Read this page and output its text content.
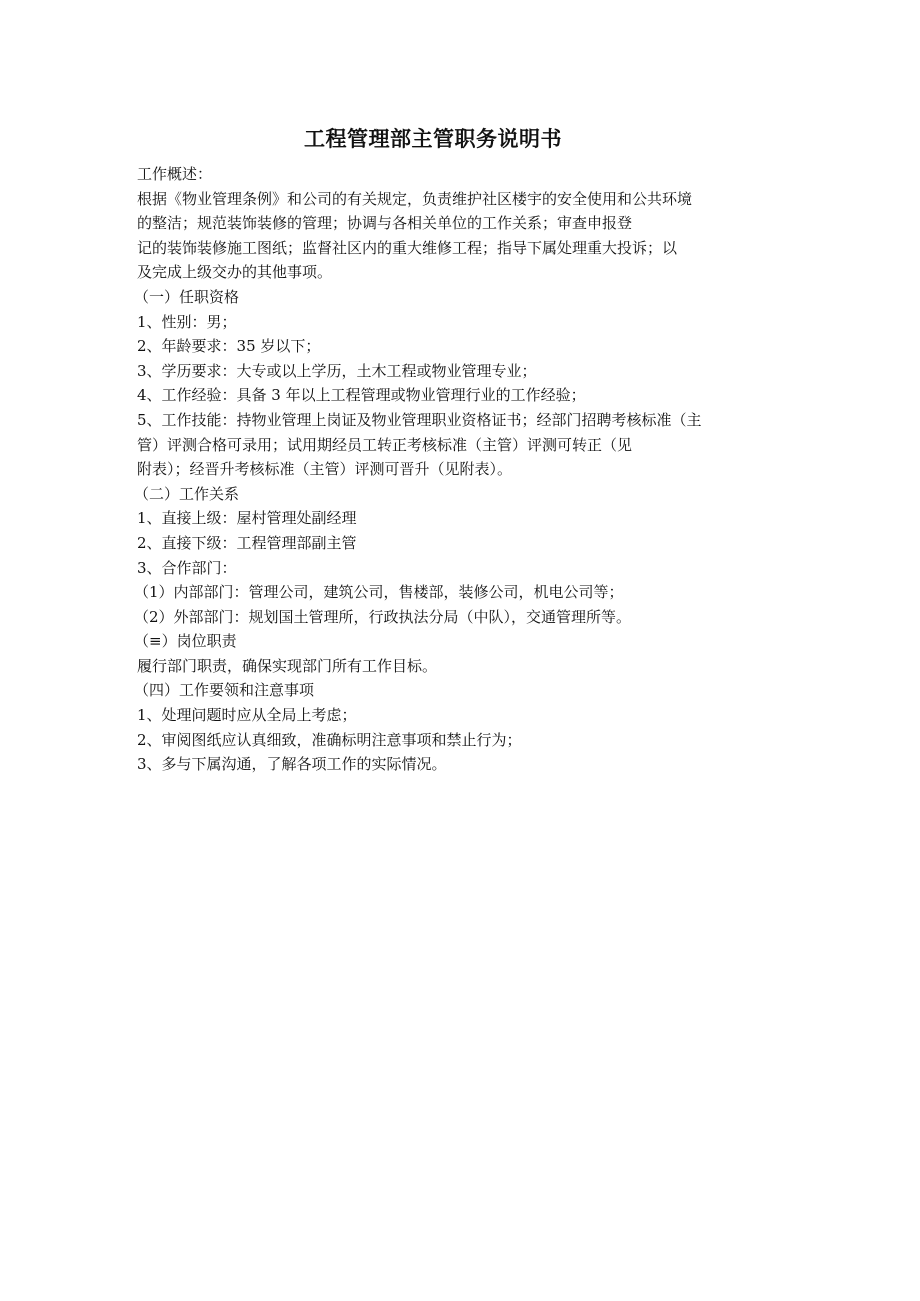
工程管理部主管职务说明书
工作概述：
根据《物业管理条例》和公司的有关规定，负责维护社区楼宇的安全使用和公共环境
的整洁；规范装饰装修的管理；协调与各相关单位的工作关系；审查申报登
记的装饰装修施工图纸；监督社区内的重大维修工程；指导下属处理重大投诉；以
及完成上级交办的其他事项。
（一）任职资格
1、性别：男；
2、年龄要求：35 岁以下；
3、学历要求：大专或以上学历，土木工程或物业管理专业；
4、工作经验：具备 3 年以上工程管理或物业管理行业的工作经验；
5、工作技能：持物业管理上岗证及物业管理职业资格证书；经部门招聘考核标准（主
管）评测合格可录用；试用期经员工转正考核标准（主管）评测可转正（见
附表）；经晋升考核标准（主管）评测可晋升（见附表）。
（二）工作关系
1、直接上级：屋村管理处副经理
2、直接下级：工程管理部副主管
3、合作部门：
（1）内部部门：管理公司，建筑公司，售楼部，装修公司，机电公司等；
（2）外部部门：规划国土管理所，行政执法分局（中队），交通管理所等。
（≡）岗位职责
履行部门职责，确保实现部门所有工作目标。
（四）工作要领和注意事项
1、处理问题时应从全局上考虑；
2、审阅图纸应认真细致，准确标明注意事项和禁止行为；
3、多与下属沟通，了解各项工作的实际情况。
